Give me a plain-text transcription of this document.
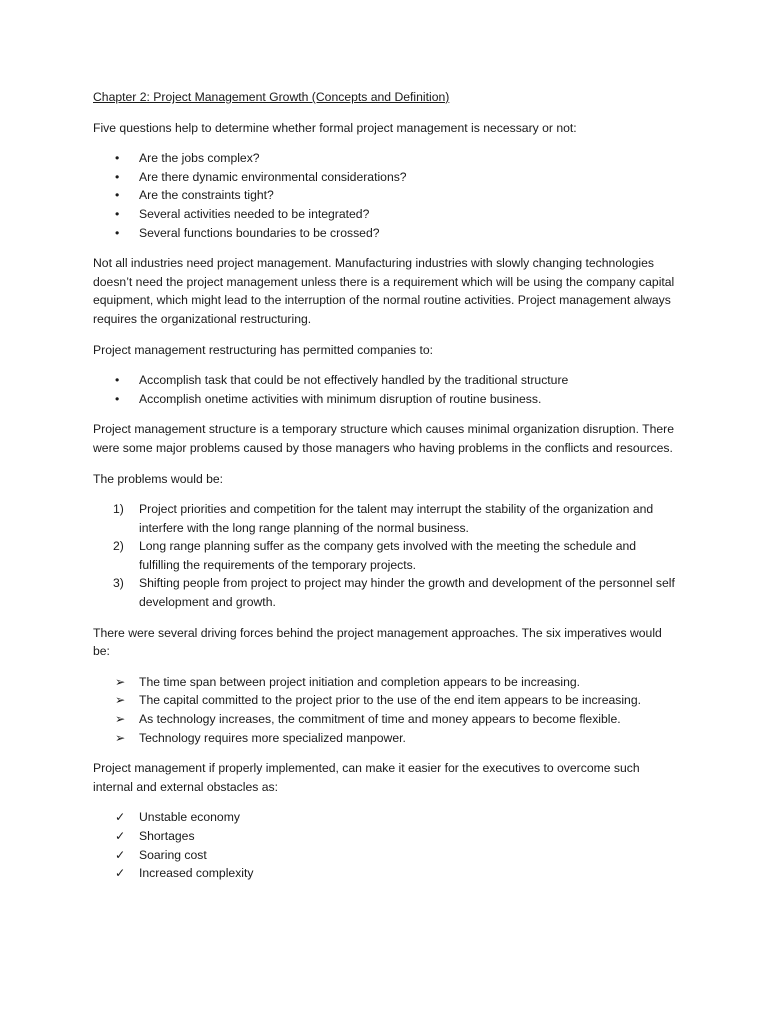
Chapter 2: Project Management Growth (Concepts and Definition)

Five questions help to determine whether formal project management is necessary or not:

•	Are the jobs complex?
•	Are there dynamic environmental considerations?
•	Are the constraints tight?
•	Several activities needed to be integrated?
•	Several functions boundaries to be crossed?

Not all industries need project management. Manufacturing industries with slowly changing technologies doesn’t need the project management unless there is a requirement which will be using the company capital equipment, which might lead to the interruption of the normal routine activities. Project management always requires the organizational restructuring.

Project management restructuring has permitted companies to:

•	Accomplish task that could be not effectively handled by the traditional structure
•	Accomplish onetime activities with minimum disruption of routine business.

Project management structure is a temporary structure which causes minimal organization disruption. There were some major problems caused by those managers who having problems in the conflicts and resources.

The problems would be:

1)	Project priorities and competition for the talent may interrupt the stability of the organization and interfere with the long range planning of the normal business.
2)	Long range planning suffer as the company gets involved with the meeting the schedule and fulfilling the requirements of the temporary projects.
3)	Shifting people from project to project may hinder the growth and development of the personnel self development and growth.

There were several driving forces behind the project management approaches. The six imperatives would be:

➢	The time span between project initiation and completion appears to be increasing.
➢	The capital committed to the project prior to the use of the end item appears to be increasing.
➢	As technology increases, the commitment of time and money appears to become flexible.
➢	Technology requires more specialized manpower.

Project management if properly implemented, can make it easier for the executives to overcome such internal and external obstacles as:

✓	Unstable economy
✓	Shortages
✓	Soaring cost
✓	Increased complexity
